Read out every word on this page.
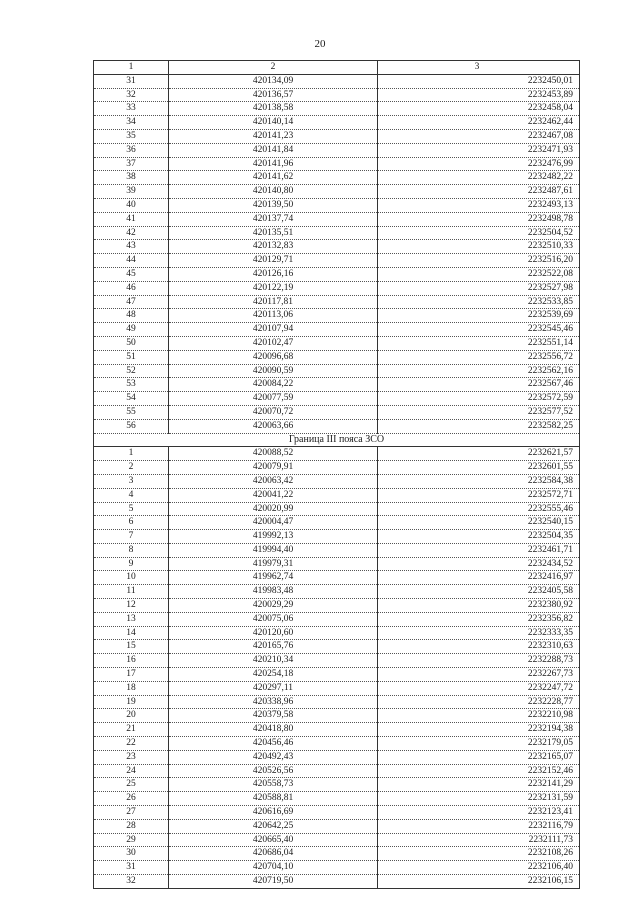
20
1	2	3
31	420134,09	2232450,01
32	420136,57	2232453,89
33	420138,58	2232458,04
34	420140,14	2232462,44
35	420141,23	2232467,08
36	420141,84	2232471,93
37	420141,96	2232476,99
38	420141,62	2232482,22
39	420140,80	2232487,61
40	420139,50	2232493,13
41	420137,74	2232498,78
42	420135,51	2232504,52
43	420132,83	2232510,33
44	420129,71	2232516,20
45	420126,16	2232522,08
46	420122,19	2232527,98
47	420117,81	2232533,85
48	420113,06	2232539,69
49	420107,94	2232545,46
50	420102,47	2232551,14
51	420096,68	2232556,72
52	420090,59	2232562,16
53	420084,22	2232567,46
54	420077,59	2232572,59
55	420070,72	2232577,52
56	420063,66	2232582,25
Граница III пояса ЗСО		
1	420088,52	2232621,57
2	420079,91	2232601,55
3	420063,42	2232584,38
4	420041,22	2232572,71
5	420020,99	2232555,46
6	420004,47	2232540,15
7	419992,13	2232504,35
8	419994,40	2232461,71
9	419979,31	2232434,52
10	419962,74	2232416,97
11	419983,48	2232405,58
12	420029,29	2232380,92
13	420075,06	2232356,82
14	420120,60	2232333,35
15	420165,76	2232310,63
16	420210,34	2232288,73
17	420254,18	2232267,73
18	420297,11	2232247,72
19	420338,96	2232228,77
20	420379,58	2232210,98
21	420418,80	2232194,38
22	420456,46	2232179,05
23	420492,43	2232165,07
24	420526,56	2232152,46
25	420558,73	2232141,29
26	420588,81	2232131,59
27	420616,69	2232123,41
28	420642,25	2232116,79
29	420665,40	2232111,73
30	420686,04	2232108,26
31	420704,10	2232106,40
32	420719,50	2232106,15
